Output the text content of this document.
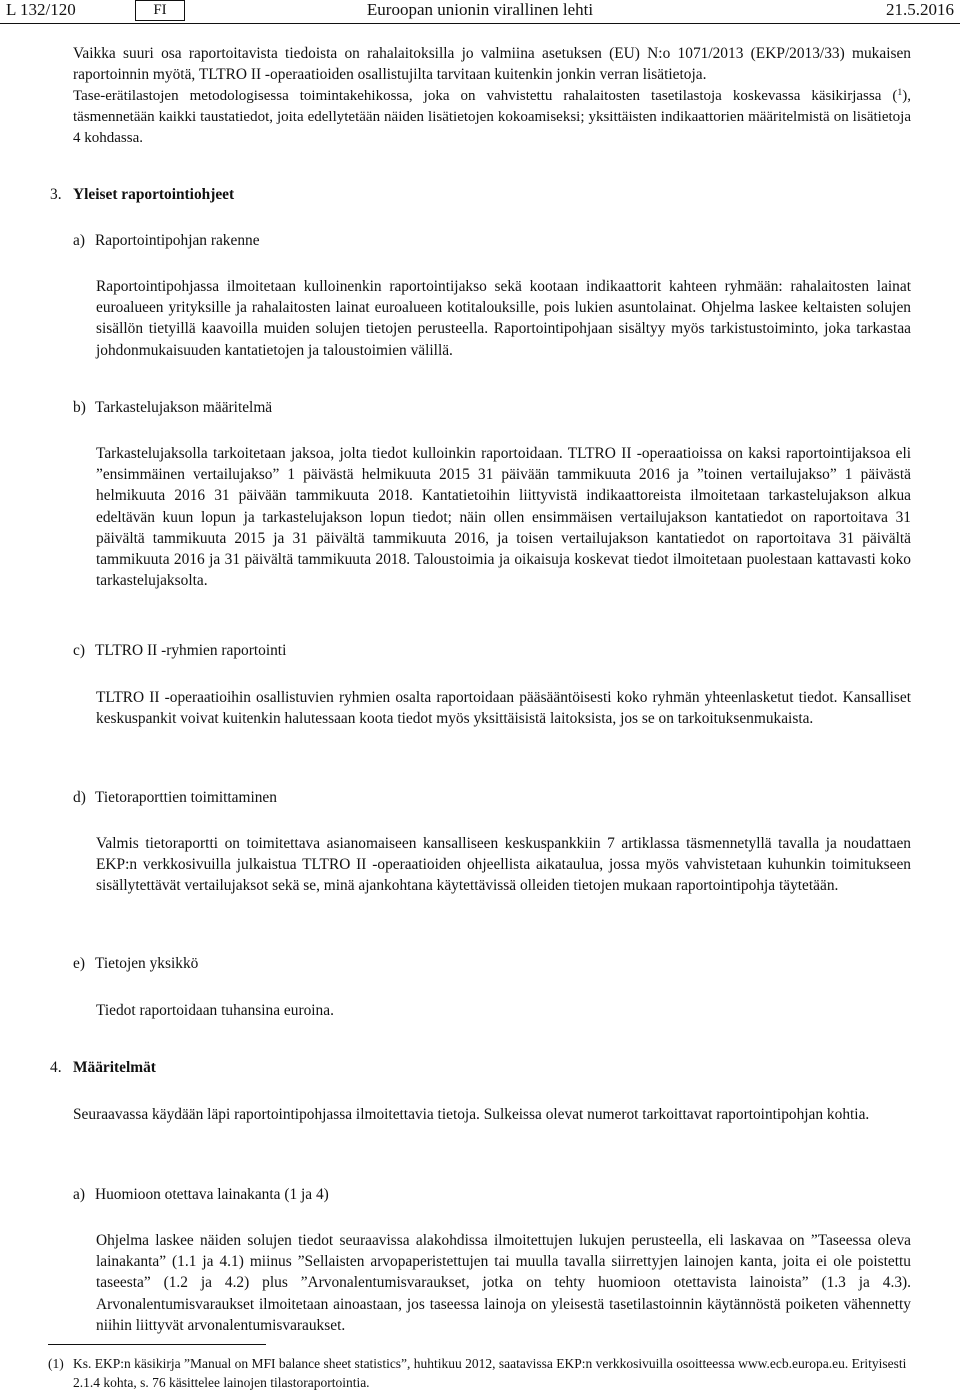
L 132/120	FI	Euroopan unionin virallinen lehti	21.5.2016
Vaikka suuri osa raportoitavista tiedoista on rahalaitoksilla jo valmiina asetuksen (EU) N:o 1071/2013 (EKP/2013/33) mukaisen raportoinnin myötä, TLTRO II -operaatioiden osallistujilta tarvitaan kuitenkin jonkin verran lisätietoja.
Tase-erätilastojen metodologisessa toimintakehikossa, joka on vahvistettu rahalaitosten tasetilastoja koskevassa käsikirjassa ($^1$), täsmennetään kaikki taustatiedot, joita edellytetään näiden lisätietojen kokoamiseksi; yksittäisten indikaattorien määritelmistä on lisätietoja 4 kohdassa.
3. Yleiset raportointiohjeet
a) Raportointipohjan rakenne
Raportointipohjassa ilmoitetaan kulloinenkin raportointijakso sekä kootaan indikaattorit kahteen ryhmään: rahalaitosten lainat euroalueen yrityksille ja rahalaitosten lainat euroalueen kotitalouksille, pois lukien asuntolainat. Ohjelma laskee keltaisten solujen sisällön tietyillä kaavoilla muiden solujen tietojen perusteella. Raportointipohjaan sisältyy myös tarkistustoiminto, joka tarkastaa johdonmukaisuuden kantatietojen ja taloustoimien välillä.
b) Tarkastelujakson määritelmä
Tarkastelujaksolla tarkoitetaan jaksoa, jolta tiedot kulloinkin raportoidaan. TLTRO II -operaatioissa on kaksi raportointijaksoa eli ”ensimmäinen vertailujakso” 1 päivästä helmikuuta 2015 31 päivään tammikuuta 2016 ja ”toinen vertailujakso” 1 päivästä helmikuuta 2016 31 päivään tammikuuta 2018. Kantatietoihin liittyvistä indikaattoreista ilmoitetaan tarkastelujakson alkua edeltävän kuun lopun ja tarkastelujakson lopun tiedot; näin ollen ensimmäisen vertailujakson kantatiedot on raportoitava 31 päivältä tammikuuta 2015 ja 31 päivältä tammikuuta 2016, ja toisen vertailujakson kantatiedot on raportoitava 31 päivältä tammikuuta 2016 ja 31 päivältä tammikuuta 2018. Taloustoimia ja oikaisuja koskevat tiedot ilmoitetaan puolestaan kattavasti koko tarkastelujaksolta.
c) TLTRO II -ryhmien raportointi
TLTRO II -operaatioihin osallistuvien ryhmien osalta raportoidaan pääsääntöisesti koko ryhmän yhteenlasketut tiedot. Kansalliset keskuspankit voivat kuitenkin halutessaan koota tiedot myös yksittäisistä laitoksista, jos se on tarkoituksenmukaista.
d) Tietoraporttien toimittaminen
Valmis tietoraportti on toimitettava asianomaiseen kansalliseen keskuspankkiin 7 artiklassa täsmennetyllä tavalla ja noudattaen EKP:n verkkosivuilla julkaistua TLTRO II -operaatioiden ohjeellista aikataulua, jossa myös vahvistetaan kuhunkin toimitukseen sisällytettävät vertailujaksot sekä se, minä ajankohtana käytettävissä olleiden tietojen mukaan raportointipohja täytetään.
e) Tietojen yksikkö
Tiedot raportoidaan tuhansina euroina.
4. Määritelmät
Seuraavassa käydään läpi raportointipohjassa ilmoitettavia tietoja. Sulkeissa olevat numerot tarkoittavat raportointipohjan kohtia.
a) Huomioon otettava lainakanta (1 ja 4)
Ohjelma laskee näiden solujen tiedot seuraavissa alakohdissa ilmoitettujen lukujen perusteella, eli laskavaa on ”Taseessa oleva lainakanta” (1.1 ja 4.1) miinus ”Sellaisten arvopaperistettujen tai muulla tavalla siirrettyjen lainojen kanta, joita ei ole poistettu taseesta” (1.2 ja 4.2) plus ”Arvonalentumisvaraukset, jotka on tehty huomioon otettavista lainoista” (1.3 ja 4.3). Arvonalentumisvaraukset ilmoitetaan ainoastaan, jos taseessa lainoja on yleisestä tasetilastoinnin käytännöstä poiketen vähennetty niihin liittyvät arvonalentumisvaraukset.
(1) Ks. EKP:n käsikirja ”Manual on MFI balance sheet statistics”, huhtikuu 2012, saatavissa EKP:n verkkosivuilla osoitteessa www.ecb.europa.eu. Erityisesti 2.1.4 kohta, s. 76 käsittelee lainojen tilastoraportointia.
